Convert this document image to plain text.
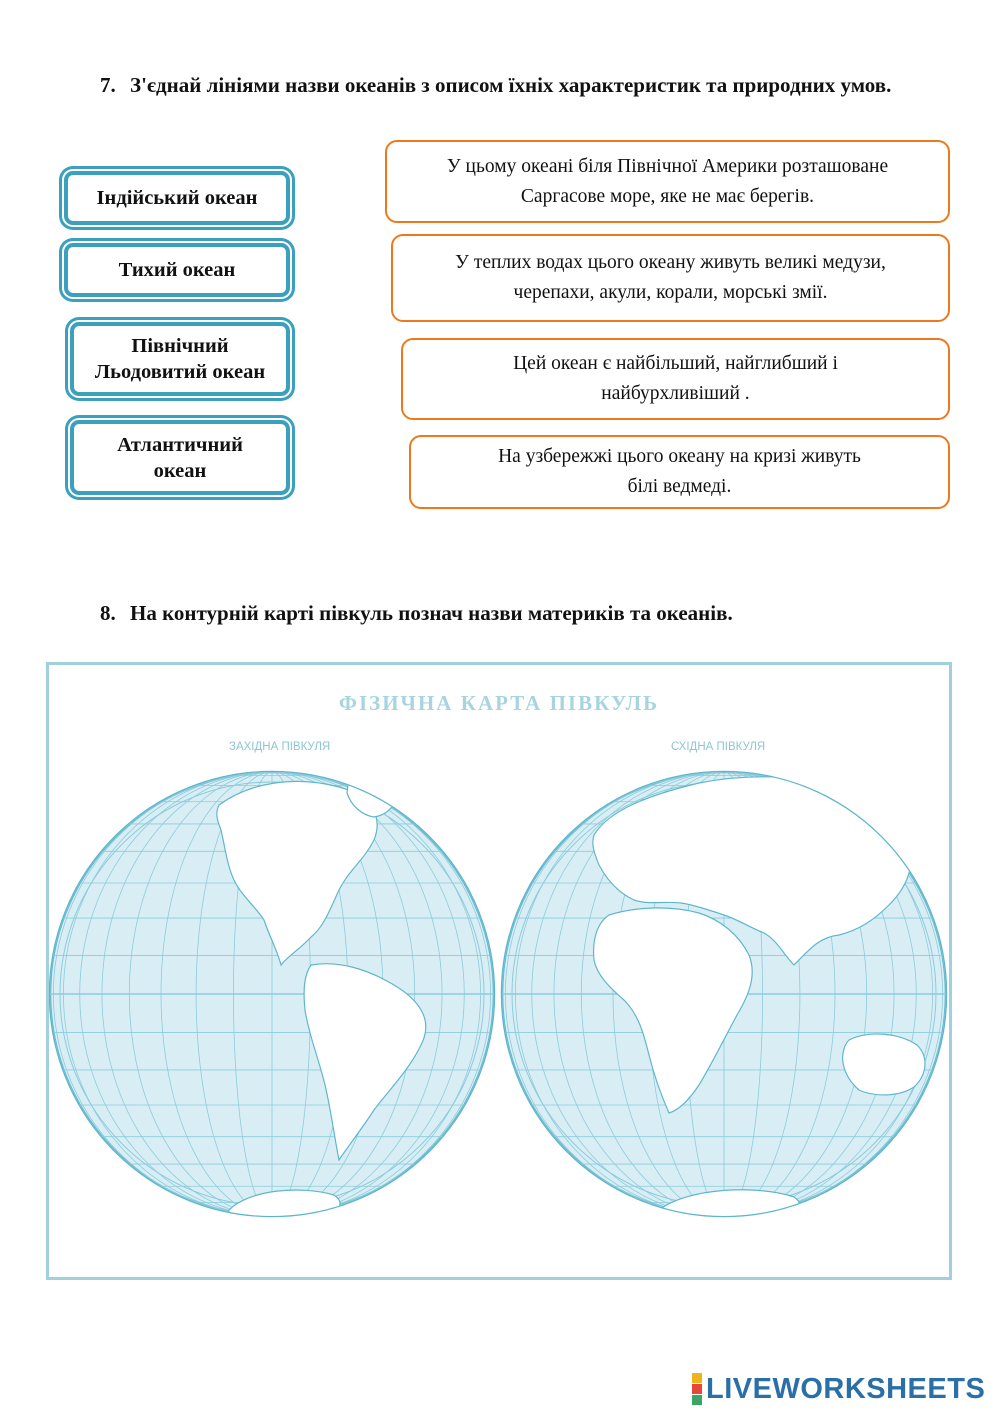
7. З'єднай лініями назви океанів з описом їхніх характеристик та природних умов.
Індійський океан
Тихий океан
Північний
Льодовитий океан
Атлантичний
океан
У цьому океані біля Північної Америки розташоване
Саргасове море, яке не має берегів.
У теплих водах цього океану живуть великі медузи,
черепахи, акули, корали, морські змії.
Цей океан є найбільший, найглибший і
найбурхливіший .
На узбережжі цього океану на кризі живуть
білі ведмеді.
8. На контурній карті півкуль познач назви материків та океанів.
ФІЗИЧНА КАРТА ПІВКУЛЬ
ЗАХІДНА ПІВКУЛЯ	СХІДНА ПІВКУЛЯ
LIVEWORKSHEETS
